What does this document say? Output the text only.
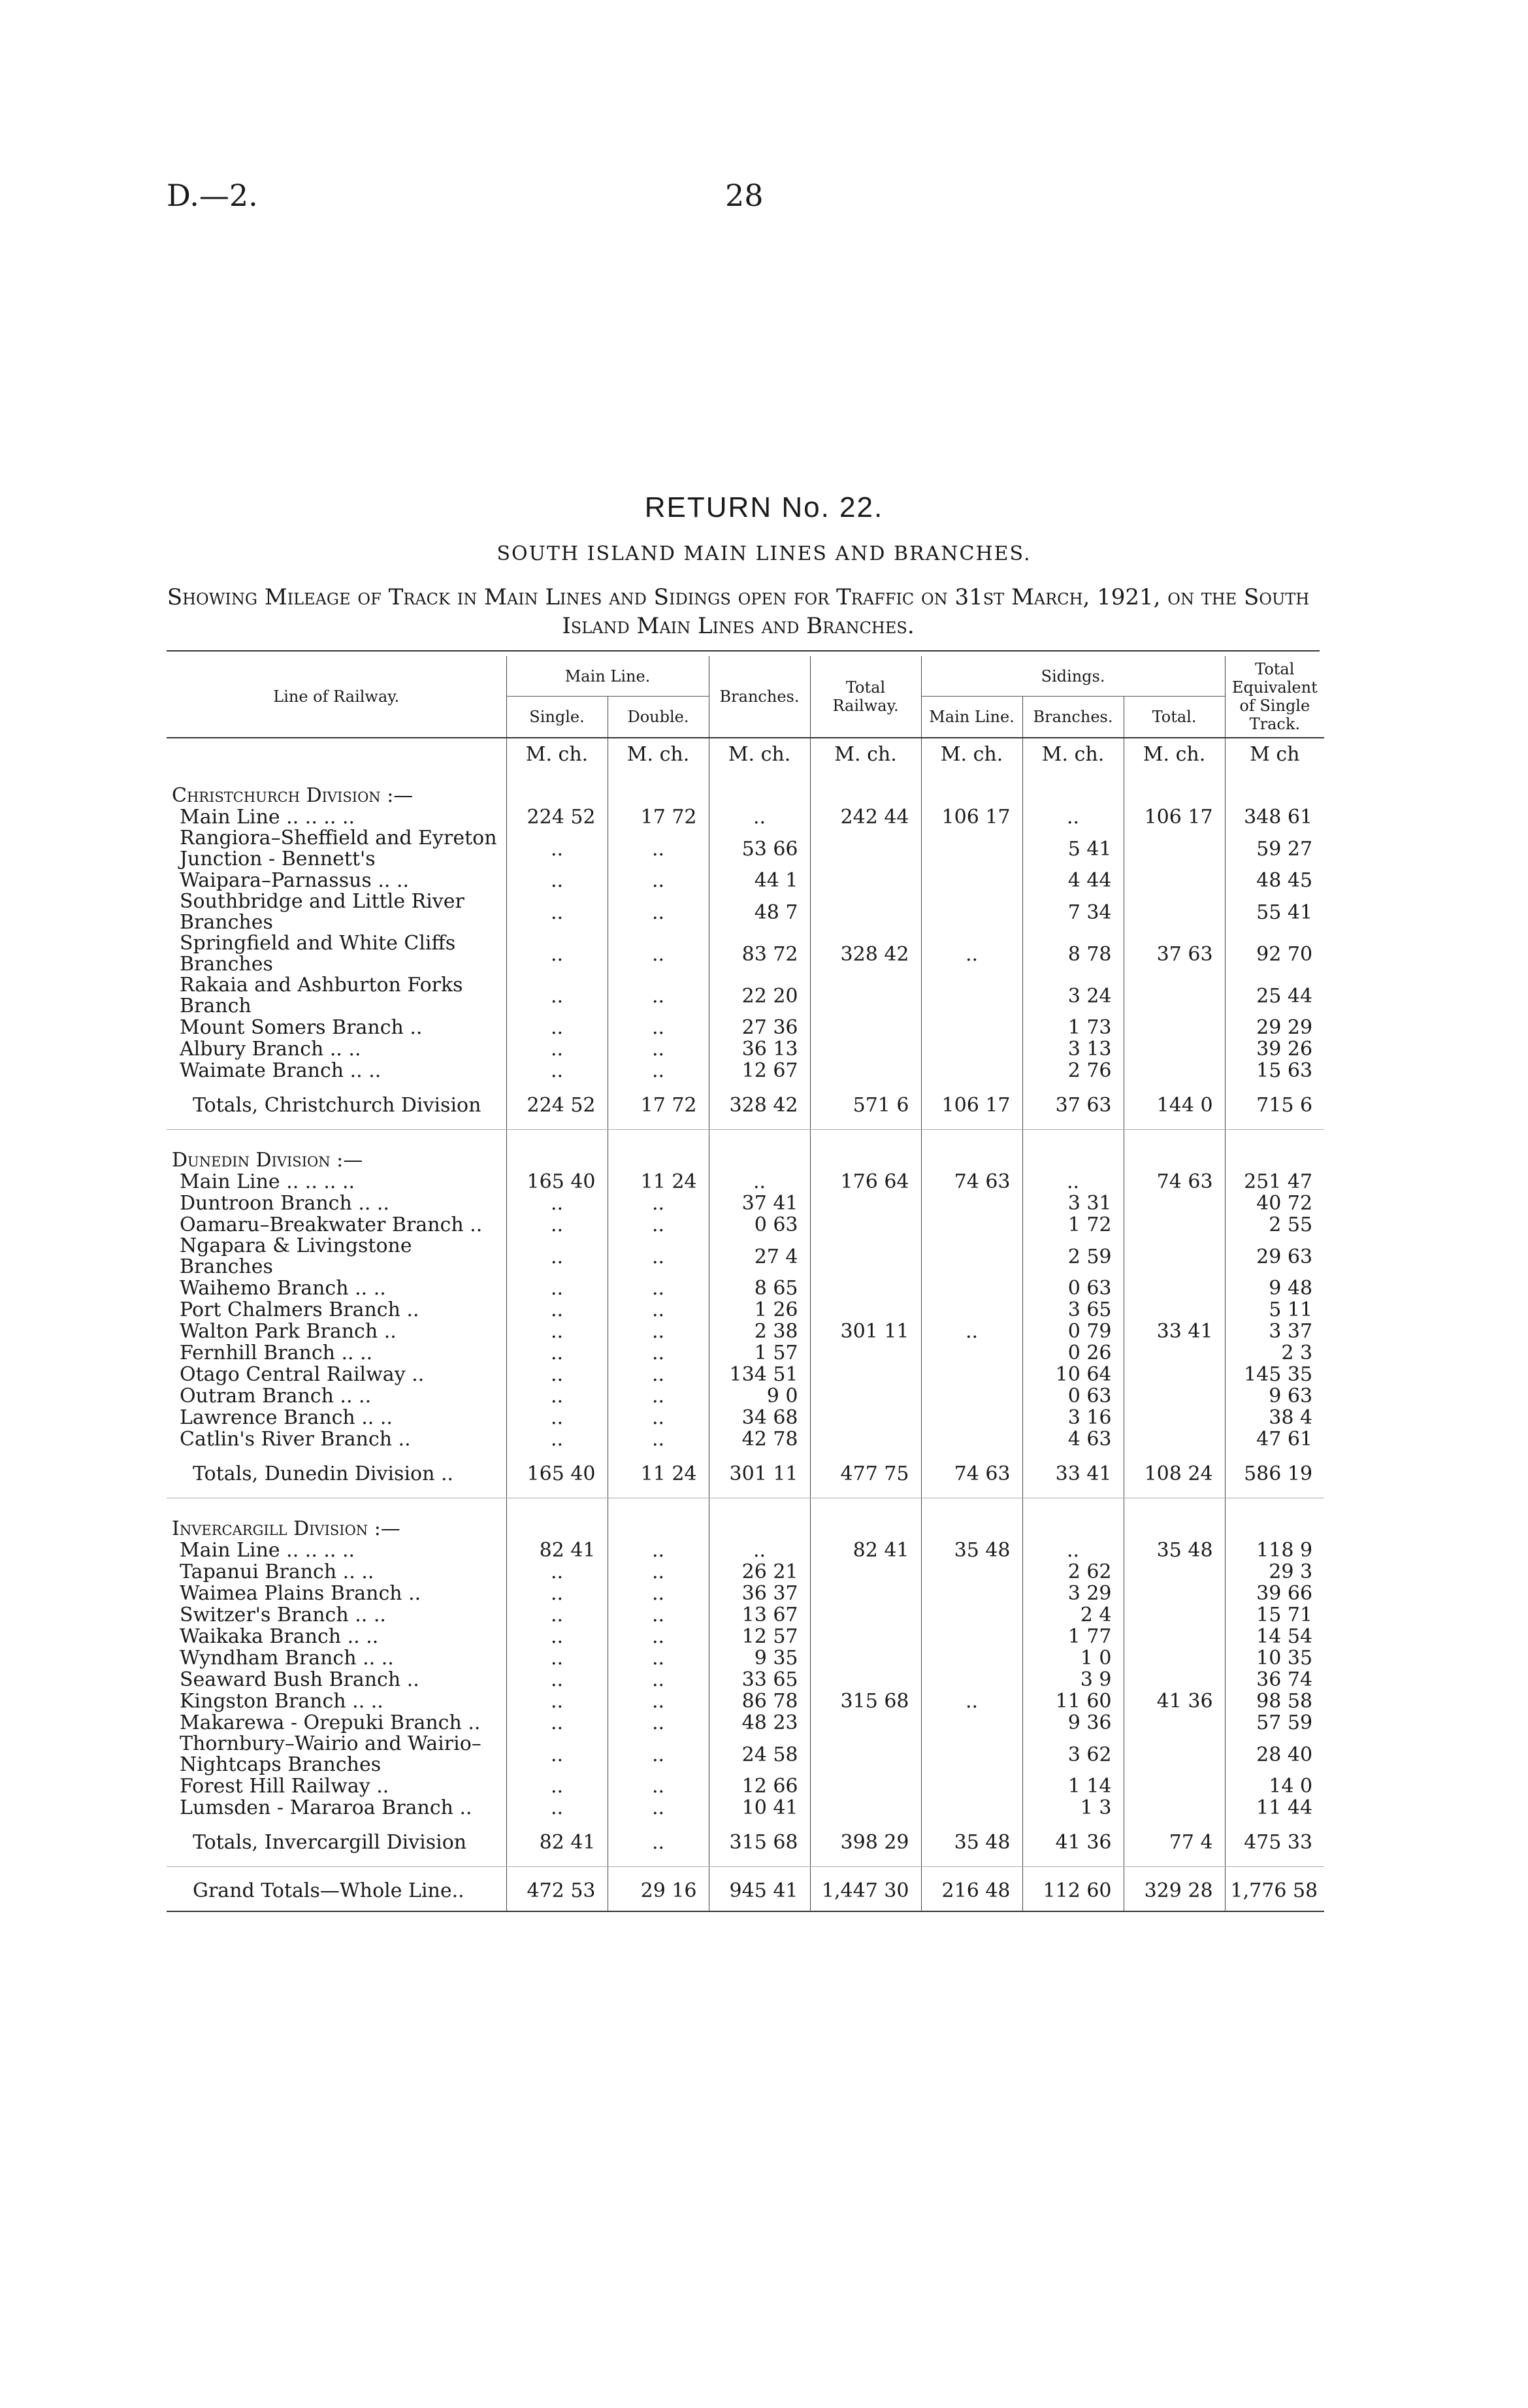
D.—2.	28
RETURN No. 22.
SOUTH ISLAND MAIN LINES AND BRANCHES.
Showing Mileage of Track in Main Lines and Sidings open for Traffic on 31st March, 1921, on the South Island Main Lines and Branches.
Line of Railway.	Main Line.		Branches.	Total Railway.	Sidings.			Total Equivalent of Single Track.
	Single.	Double.			Main Line.	Branches.	Total.	
	M. ch.	M. ch.	M. ch.	M. ch.	M. ch.	M. ch.	M. ch.	M ch
Christchurch Division :—								
Main Line .. .. .. ..	224 52	17 72	..	242 44	106 17	..	106 17	348 61
Rangiora–Sheffield and Eyreton Junction - Bennett's	..	..	53 66			5 41		59 27
Waipara–Parnassus .. ..	..	..	44 1			4 44		48 45
Southbridge and Little River Branches	..	..	48 7			7 34		55 41
Springfield and White Cliffs Branches	..	..	83 72	328 42	..	8 78	37 63	92 70
Rakaia and Ashburton Forks Branch	..	..	22 20			3 24		25 44
Mount Somers Branch ..	..	..	27 36			1 73		29 29
Albury Branch .. ..	..	..	36 13			3 13		39 26
Waimate Branch .. ..	..	..	12 67			2 76		15 63
Totals, Christchurch Division	224 52	17 72	328 42	571 6	106 17	37 63	144 0	715 6
Dunedin Division :—								
Main Line .. .. .. ..	165 40	11 24	..	176 64	74 63	..	74 63	251 47
Duntroon Branch .. ..	..	..	37 41			3 31		40 72
Oamaru–Breakwater Branch ..	..	..	0 63			1 72		2 55
Ngapara & Livingstone Branches	..	..	27 4			2 59		29 63
Waihemo Branch .. ..	..	..	8 65			0 63		9 48
Port Chalmers Branch ..	..	..	1 26			3 65		5 11
Walton Park Branch ..	..	..	2 38	301 11	..	0 79	33 41	3 37
Fernhill Branch .. ..	..	..	1 57			0 26		2 3
Otago Central Railway ..	..	..	134 51			10 64		145 35
Outram Branch .. ..	..	..	9 0			0 63		9 63
Lawrence Branch .. ..	..	..	34 68			3 16		38 4
Catlin's River Branch ..	..	..	42 78			4 63		47 61
Totals, Dunedin Division ..	165 40	11 24	301 11	477 75	74 63	33 41	108 24	586 19
Invercargill Division :—								
Main Line .. .. .. ..	82 41	..	..	82 41	35 48	..	35 48	118 9
Tapanui Branch .. ..	..	..	26 21			2 62		29 3
Waimea Plains Branch ..	..	..	36 37			3 29		39 66
Switzer's Branch .. ..	..	..	13 67			2 4		15 71
Waikaka Branch .. ..	..	..	12 57			1 77		14 54
Wyndham Branch .. ..	..	..	9 35			1 0		10 35
Seaward Bush Branch ..	..	..	33 65			3 9		36 74
Kingston Branch .. ..	..	..	86 78	315 68	..	11 60	41 36	98 58
Makarewa - Orepuki Branch ..	..	..	48 23			9 36		57 59
Thornbury–Wairio and Wairio–Nightcaps Branches	..	..	24 58			3 62		28 40
Forest Hill Railway ..	..	..	12 66			1 14		14 0
Lumsden - Mararoa Branch ..	..	..	10 41			1 3		11 44
Totals, Invercargill Division	82 41	..	315 68	398 29	35 48	41 36	77 4	475 33
Grand Totals—Whole Line..	472 53	29 16	945 41	1,447 30	216 48	112 60	329 28	1,776 58
